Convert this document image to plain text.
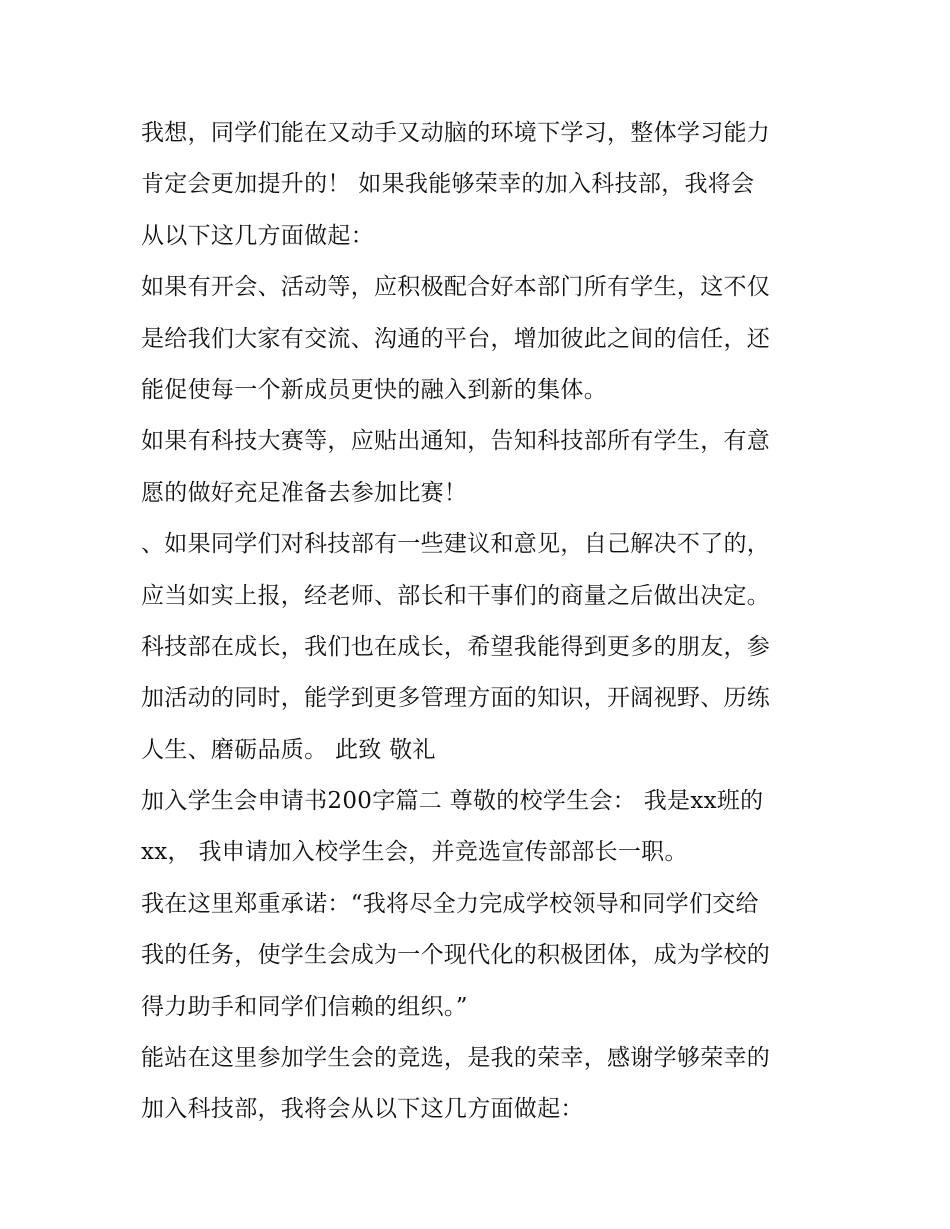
我想，同学们能在又动手又动脑的环境下学习，整体学习能力
肯定会更加提升的！ 如果我能够荣幸的加入科技部，我将会
从以下这几方面做起：
如果有开会、活动等，应积极配合好本部门所有学生，这不仅
是给我们大家有交流、沟通的平台，增加彼此之间的信任，还
能促使每一个新成员更快的融入到新的集体。
如果有科技大赛等，应贴出通知，告知科技部所有学生，有意
愿的做好充足准备去参加比赛！
、如果同学们对科技部有一些建议和意见，自己解决不了的，
应当如实上报，经老师、部长和干事们的商量之后做出决定。
科技部在成长，我们也在成长，希望我能得到更多的朋友，参
加活动的同时，能学到更多管理方面的知识，开阔视野、历练
人生、磨砺品质。 此致 敬礼
加入学生会申请书200字篇二 尊敬的校学生会： 我是xx班的
xx， 我申请加入校学生会，并竞选宣传部部长一职。
我在这里郑重承诺：“我将尽全力完成学校领导和同学们交给
我的任务，使学生会成为一个现代化的积极团体，成为学校的
得力助手和同学们信赖的组织。”
能站在这里参加学生会的竞选，是我的荣幸，感谢学够荣幸的
加入科技部，我将会从以下这几方面做起：
